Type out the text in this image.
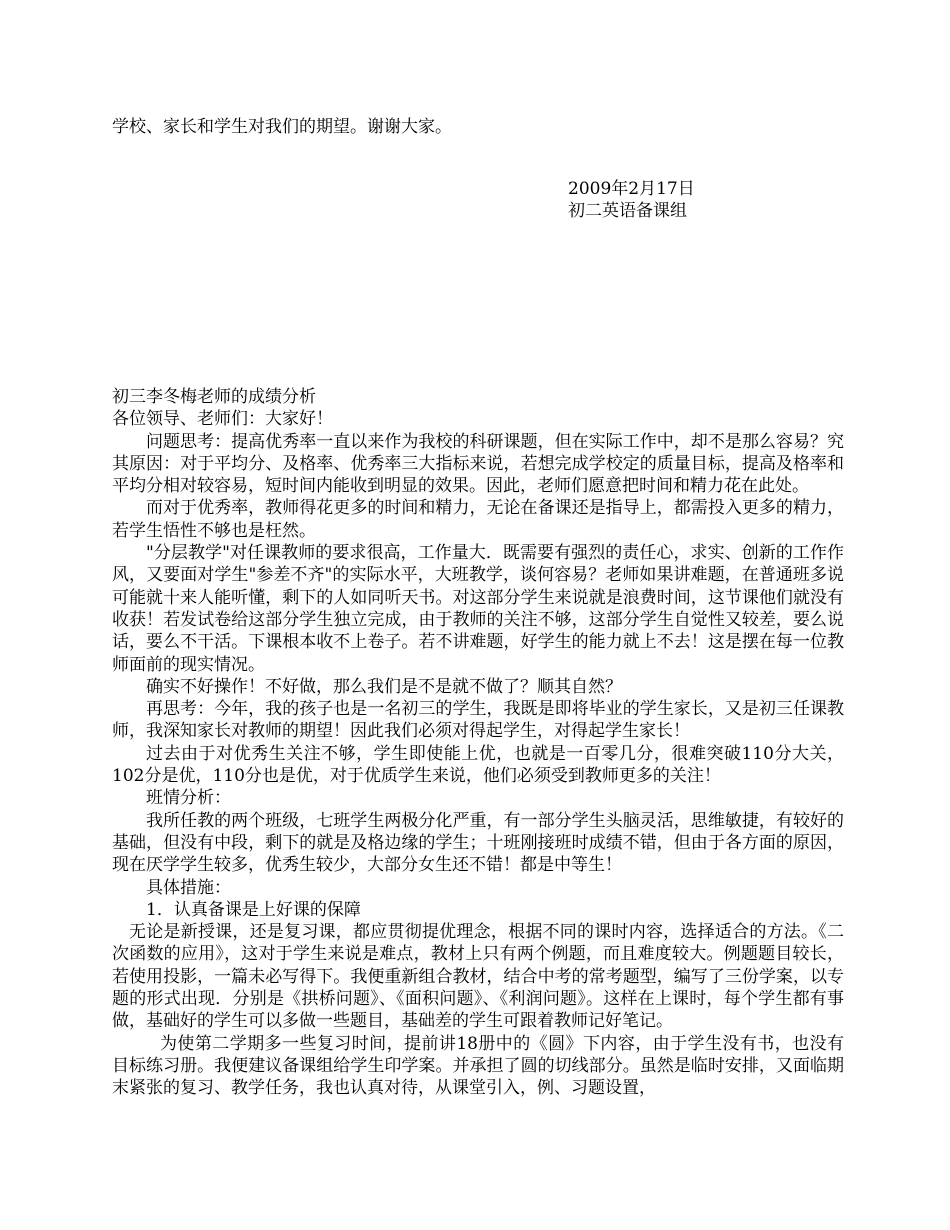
学校、家长和学生对我们的期望。谢谢大家。
2009年2月17日
初二英语备课组

初三李冬梅老师的成绩分析

各位领导、老师们：大家好！

问题思考：提高优秀率一直以来作为我校的科研课题，但在实际工作中，却不是那么容易？究其原因：对于平均分、及格率、优秀率三大指标来说，若想完成学校定的质量目标，提高及格率和平均分相对较容易，短时间内能收到明显的效果。因此，老师们愿意把时间和精力花在此处。

而对于优秀率，教师得花更多的时间和精力，无论在备课还是指导上，都需投入更多的精力，若学生悟性不够也是枉然。

"分层教学"对任课教师的要求很高，工作量大．既需要有强烈的责任心，求实、创新的工作作风，又要面对学生"参差不齐"的实际水平，大班教学，谈何容易？老师如果讲难题，在普通班多说可能就十来人能听懂，剩下的人如同听天书。对这部分学生来说就是浪费时间，这节课他们就没有收获！若发试卷给这部分学生独立完成，由于教师的关注不够，这部分学生自觉性又较差，要么说话，要么不干活。下课根本收不上卷子。若不讲难题，好学生的能力就上不去！这是摆在每一位教师面前的现实情况。

确实不好操作！不好做，那么我们是不是就不做了？顺其自然？

再思考：今年，我的孩子也是一名初三的学生，我既是即将毕业的学生家长，又是初三任课教师，我深知家长对教师的期望！因此我们必须对得起学生，对得起学生家长！

过去由于对优秀生关注不够，学生即使能上优，也就是一百零几分，很难突破110分大关，102分是优，110分也是优，对于优质学生来说，他们必须受到教师更多的关注！

班情分析：

我所任教的两个班级，七班学生两极分化严重，有一部分学生头脑灵活，思维敏捷，有较好的基础，但没有中段，剩下的就是及格边缘的学生；十班刚接班时成绩不错，但由于各方面的原因，现在厌学学生较多，优秀生较少，大部分女生还不错！都是中等生！

具体措施：

1．认真备课是上好课的保障

无论是新授课，还是复习课，都应贯彻提优理念，根据不同的课时内容，选择适合的方法。《二次函数的应用》，这对于学生来说是难点，教材上只有两个例题，而且难度较大。例题题目较长，若使用投影，一篇未必写得下。我便重新组合教材，结合中考的常考题型，编写了三份学案，以专题的形式出现．分别是《拱桥问题》、《面积问题》、《利润问题》。这样在上课时，每个学生都有事做，基础好的学生可以多做一些题目，基础差的学生可跟着教师记好笔记。

为使第二学期多一些复习时间，提前讲18册中的《圆》下内容，由于学生没有书，也没有目标练习册。我便建议备课组给学生印学案。并承担了圆的切线部分。虽然是临时安排，又面临期末紧张的复习、教学任务，我也认真对待，从课堂引入，例、习题设置，
